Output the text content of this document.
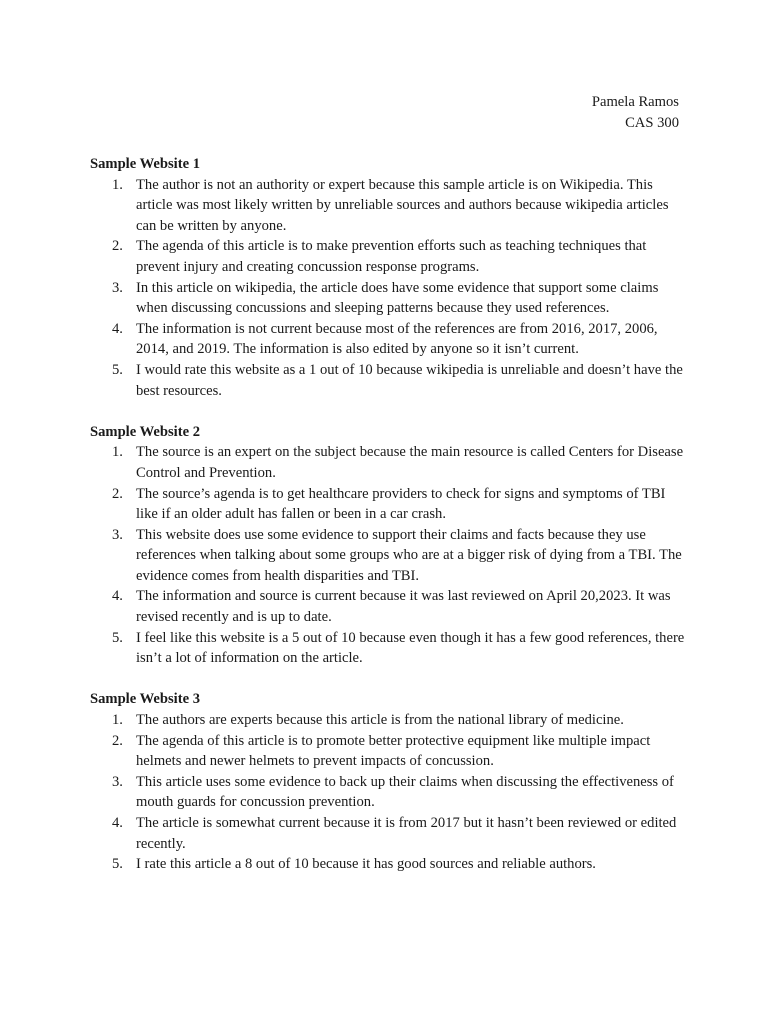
Pamela Ramos
CAS 300
Sample Website 1
1. The author is not an authority or expert because this sample article is on Wikipedia. This article was most likely written by unreliable sources and authors because wikipedia articles can be written by anyone.
2. The agenda of this article is to make prevention efforts such as teaching techniques that prevent injury and creating concussion response programs.
3. In this article on wikipedia, the article does have some evidence that support some claims when discussing concussions and sleeping patterns because they used references.
4. The information is not current because most of the references are from 2016, 2017, 2006, 2014, and 2019. The information is also edited by anyone so it isn’t current.
5. I would rate this website as a 1 out of 10 because wikipedia is unreliable and doesn’t have the best resources.
Sample Website 2
1. The source is an expert on the subject because the main resource is called Centers for Disease Control and Prevention.
2. The source’s agenda is to get healthcare providers to check for signs and symptoms of TBI like if an older adult has fallen or been in a car crash.
3. This website does use some evidence to support their claims and facts because they use references when talking about some groups who are at a bigger risk of dying from a TBI. The evidence comes from health disparities and TBI.
4. The information and source is current because it was last reviewed on April 20,2023. It was revised recently and is up to date.
5. I feel like this website is a 5 out of 10 because even though it has a few good references, there isn’t a lot of information on the article.
Sample Website 3
1. The authors are experts because this article is from the national library of medicine.
2. The agenda of this article is to promote better protective equipment like multiple impact helmets and newer helmets to prevent impacts of concussion.
3. This article uses some evidence to back up their claims when discussing the effectiveness of mouth guards for concussion prevention.
4. The article is somewhat current because it is from 2017 but it hasn’t been reviewed or edited recently.
5. I rate this article a 8 out of 10 because it has good sources and reliable authors.
